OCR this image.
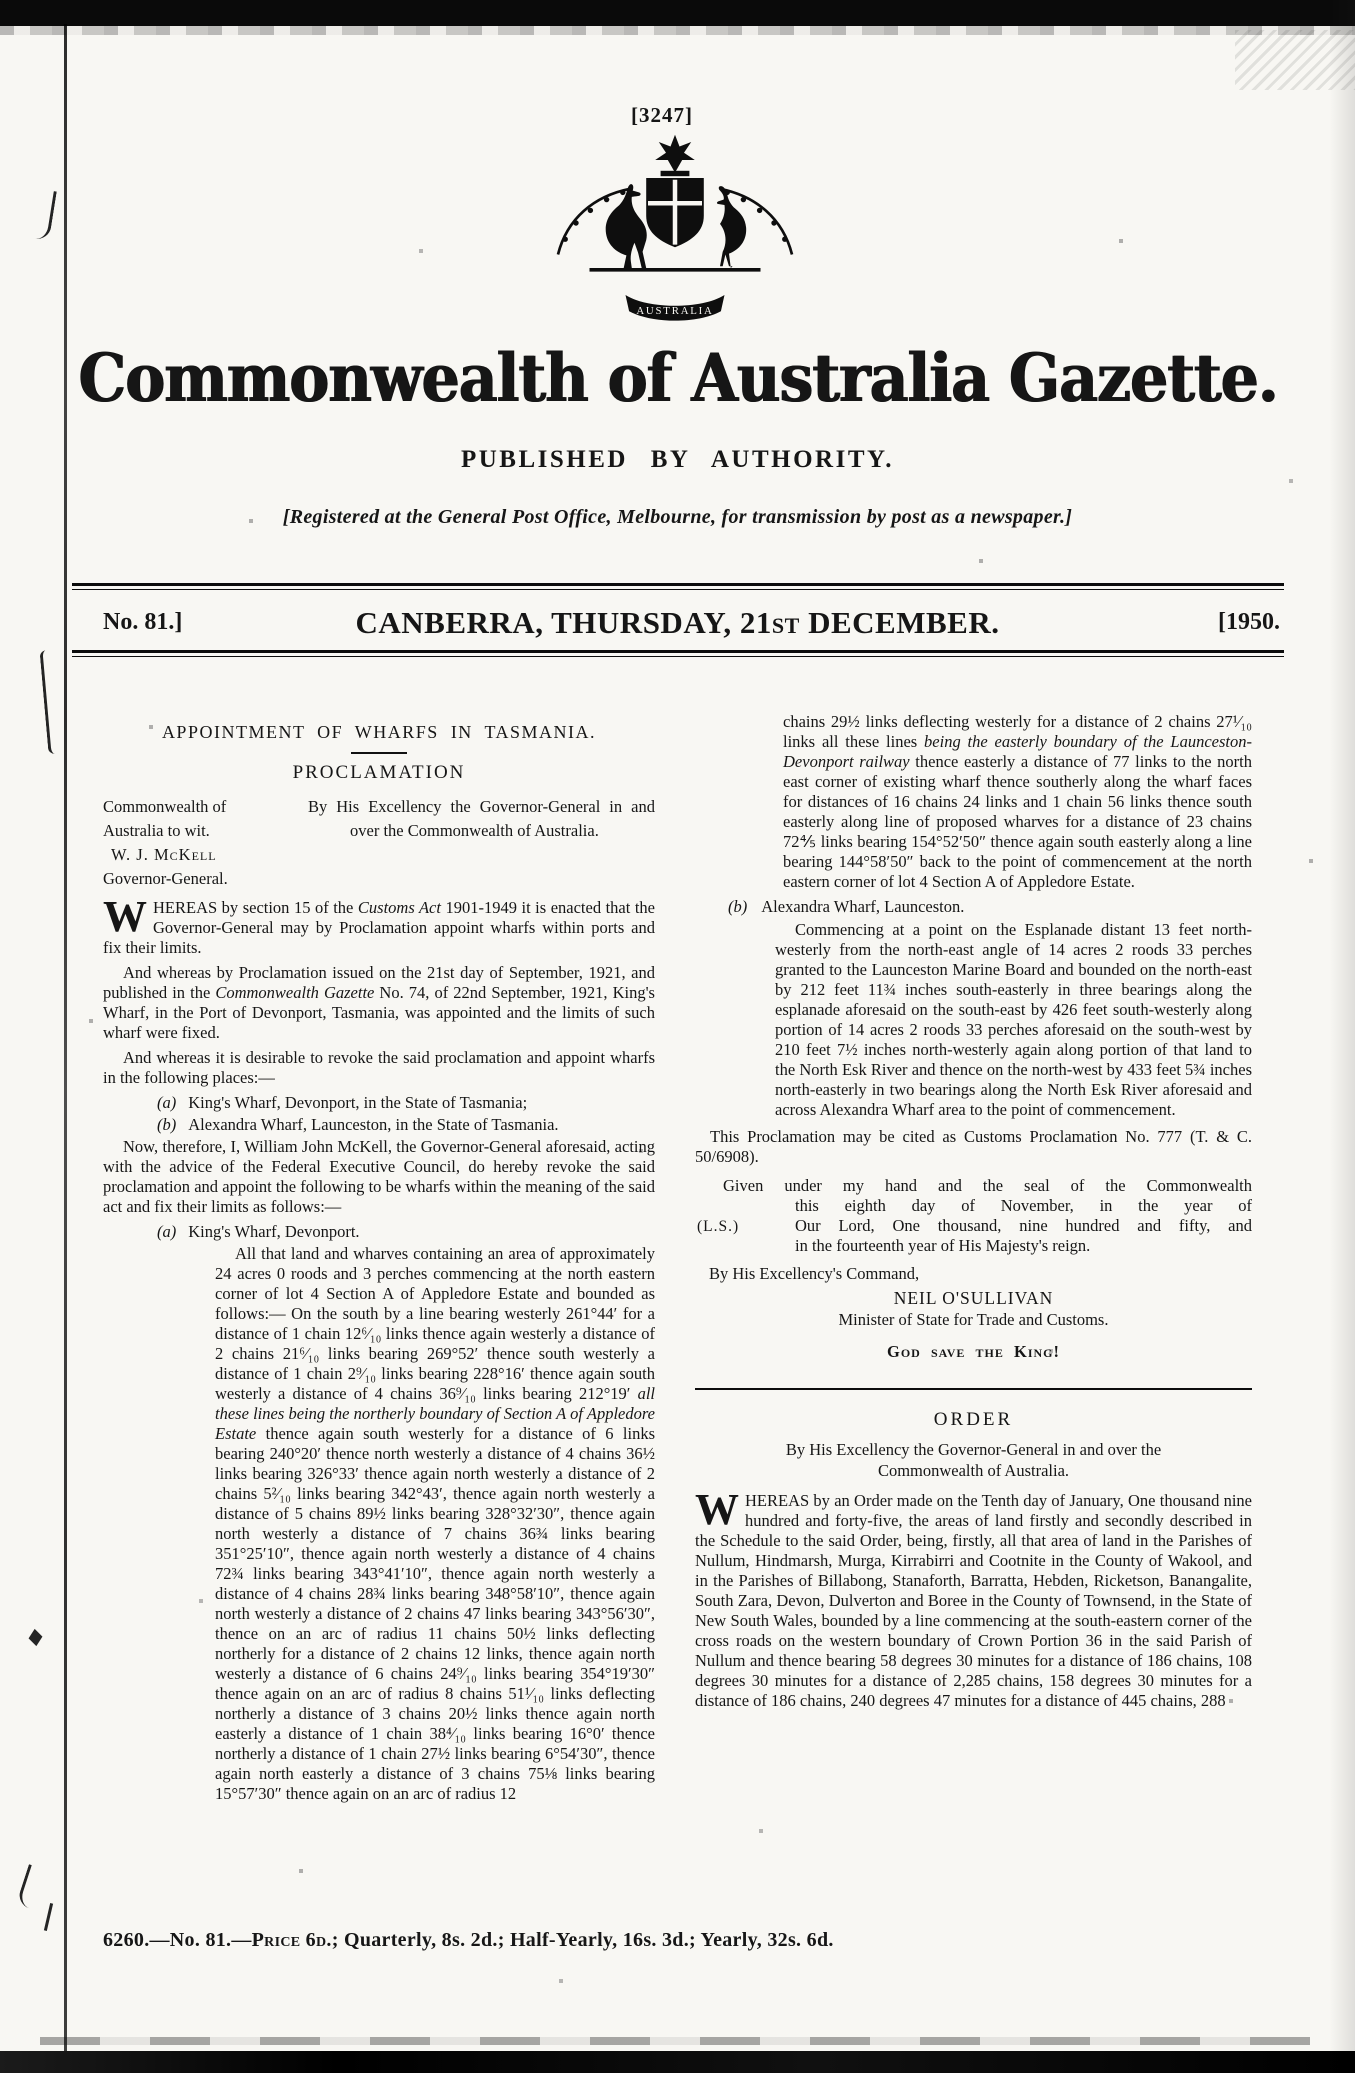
[3247]
AUSTRALIA
Commonwealth of Australia Gazette.
PUBLISHED BY AUTHORITY.
[Registered at the General Post Office, Melbourne, for transmission by post as a newspaper.]
No. 81.]	CANBERRA, THURSDAY, 21ST DECEMBER.	[1950.
APPOINTMENT OF WHARFS IN TASMANIA.
PROCLAMATION
Commonwealth of
Australia to wit.
W. J. McKell
Governor-General.
By His Excellency the Governor-General in and over the Commonwealth of Australia.

WHEREAS by section 15 of the Customs Act 1901-1949 it is enacted that the Governor-General may by Proclamation appoint wharfs within ports and fix their limits.

And whereas by Proclamation issued on the 21st day of September, 1921, and published in the Commonwealth Gazette No. 74, of 22nd September, 1921, King's Wharf, in the Port of Devonport, Tasmania, was appointed and the limits of such wharf were fixed.

And whereas it is desirable to revoke the said proclamation and appoint wharfs in the following places:—

(a) King's Wharf, Devonport, in the State of Tasmania;

(b) Alexandra Wharf, Launceston, in the State of Tasmania.

Now, therefore, I, William John McKell, the Governor-General aforesaid, acting with the advice of the Federal Executive Council, do hereby revoke the said proclamation and appoint the following to be wharfs within the meaning of the said act and fix their limits as follows:—

(a) King's Wharf, Devonport.

All that land and wharves containing an area of approximately 24 acres 0 roods and 3 perches commencing at the north eastern corner of lot 4 Section A of Appledore Estate and bounded as follows:— On the south by a line bearing westerly 261°44′ for a distance of 1 chain 12⁶⁄₁₀ links thence again westerly a distance of 2 chains 21⁶⁄₁₀ links bearing 269°52′ thence south westerly a distance of 1 chain 2⁹⁄₁₀ links bearing 228°16′ thence again south westerly a distance of 4 chains 36⁹⁄₁₀ links bearing 212°19′ all these lines being the northerly boundary of Section A of Appledore Estate thence again south westerly for a distance of 6 links bearing 240°20′ thence north westerly a distance of 4 chains 36½ links bearing 326°33′ thence again north westerly a distance of 2 chains 5²⁄₁₀ links bearing 342°43′, thence again north westerly a distance of 5 chains 89½ links bearing 328°32′30″, thence again north westerly a distance of 7 chains 36¾ links bearing 351°25′10″, thence again north westerly a distance of 4 chains 72¾ links bearing 343°41′10″, thence again north westerly a distance of 4 chains 28¾ links bearing 348°58′10″, thence again north westerly a distance of 2 chains 47 links bearing 343°56′30″, thence on an arc of radius 11 chains 50½ links deflecting northerly for a distance of 2 chains 12 links, thence again north westerly a distance of 6 chains 24⁹⁄₁₀ links bearing 354°19′30″ thence again on an arc of radius 8 chains 51¹⁄₁₀ links deflecting northerly a distance of 3 chains 20½ links thence again north easterly a distance of 1 chain 38⁴⁄₁₀ links bearing 16°0′ thence northerly a distance of 1 chain 27½ links bearing 6°54′30″, thence again north easterly a distance of 3 chains 75⅛ links bearing 15°57′30″ thence again on an arc of radius 12

chains 29½ links deflecting westerly for a distance of 2 chains 27¹⁄₁₀ links all these lines being the easterly boundary of the Launceston-Devonport railway thence easterly a distance of 77 links to the north east corner of existing wharf thence southerly along the wharf faces for distances of 16 chains 24 links and 1 chain 56 links thence south easterly along line of proposed wharves for a distance of 23 chains 72⅘ links bearing 154°52′50″ thence again south easterly along a line bearing 144°58′50″ back to the point of commencement at the north eastern corner of lot 4 Section A of Appledore Estate.

(b) Alexandra Wharf, Launceston.

Commencing at a point on the Esplanade distant 13 feet north-westerly from the north-east angle of 14 acres 2 roods 33 perches granted to the Launceston Marine Board and bounded on the north-east by 212 feet 11¾ inches south-easterly in three bearings along the esplanade aforesaid on the south-east by 426 feet south-westerly along portion of 14 acres 2 roods 33 perches aforesaid on the south-west by 210 feet 7½ inches north-westerly again along portion of that land to the North Esk River and thence on the north-west by 433 feet 5¾ inches north-easterly in two bearings along the North Esk River aforesaid and across Alexandra Wharf area to the point of commencement.

This Proclamation may be cited as Customs Proclamation No. 777 (T. & C. 50/6908).

(L.S.)
Given under my hand and the seal of the Commonwealth
this eighth day of November, in the year of
Our Lord, One thousand, nine hundred and fifty, and
in the fourteenth year of His Majesty's reign.

By His Excellency's Command,

NEIL O'SULLIVAN

Minister of State for Trade and Customs.

God save the King!

ORDER

By His Excellency the Governor-General in and over the Commonwealth of Australia.

WHEREAS by an Order made on the Tenth day of January, One thousand nine hundred and forty-five, the areas of land firstly and secondly described in the Schedule to the said Order, being, firstly, all that area of land in the Parishes of Nullum, Hindmarsh, Murga, Kirrabirri and Cootnite in the County of Wakool, and in the Parishes of Billabong, Stanaforth, Barratta, Hebden, Ricketson, Banangalite, South Zara, Devon, Dulverton and Boree in the County of Townsend, in the State of New South Wales, bounded by a line commencing at the south-eastern corner of the cross roads on the western boundary of Crown Portion 36 in the said Parish of Nullum and thence bearing 58 degrees 30 minutes for a distance of 186 chains, 108 degrees 30 minutes for a distance of 2,285 chains, 158 degrees 30 minutes for a distance of 186 chains, 240 degrees 47 minutes for a distance of 445 chains, 288

6260.—No. 81.—Price 6d.; Quarterly, 8s. 2d.; Half-Yearly, 16s. 3d.; Yearly, 32s. 6d.
